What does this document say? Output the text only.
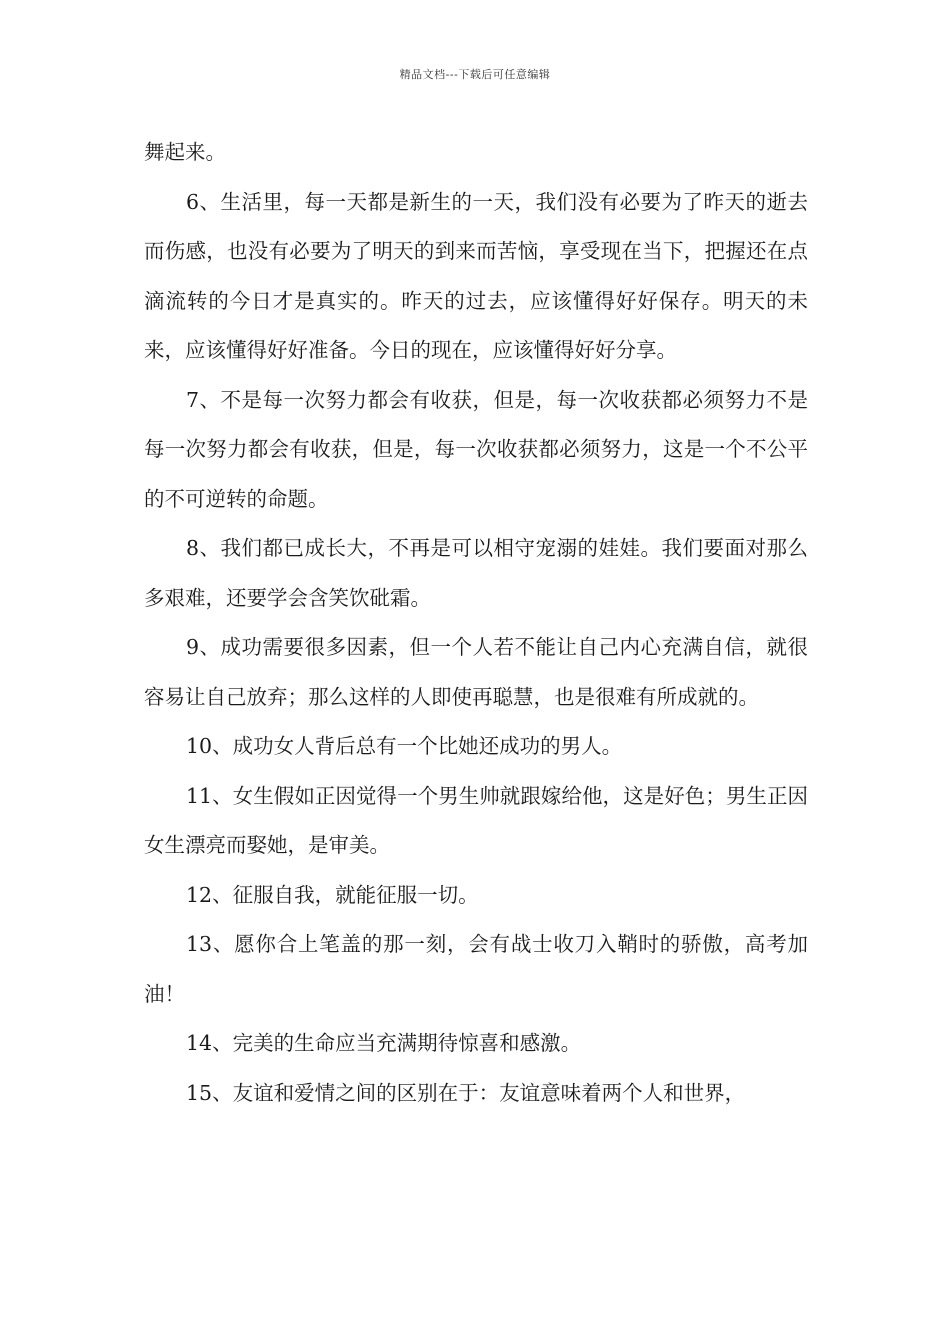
精品文档---下载后可任意编辑

舞起来。

6、生活里，每一天都是新生的一天，我们没有必要为了昨天的逝去而伤感，也没有必要为了明天的到来而苦恼，享受现在当下，把握还在点滴流转的今日才是真实的。昨天的过去，应该懂得好好保存。明天的未来，应该懂得好好准备。今日的现在，应该懂得好好分享。

7、不是每一次努力都会有收获，但是，每一次收获都必须努力不是每一次努力都会有收获，但是，每一次收获都必须努力，这是一个不公平的不可逆转的命题。

8、我们都已成长大，不再是可以相守宠溺的娃娃。我们要面对那么多艰难，还要学会含笑饮砒霜。

9、成功需要很多因素，但一个人若不能让自己内心充满自信，就很容易让自己放弃；那么这样的人即使再聪慧，也是很难有所成就的。

10、成功女人背后总有一个比她还成功的男人。

11、女生假如正因觉得一个男生帅就跟嫁给他，这是好色；男生正因女生漂亮而娶她，是审美。

12、征服自我，就能征服一切。

13、愿你合上笔盖的那一刻，会有战士收刀入鞘时的骄傲，高考加油！

14、完美的生命应当充满期待惊喜和感激。

15、友谊和爱情之间的区别在于：友谊意味着两个人和世界，
